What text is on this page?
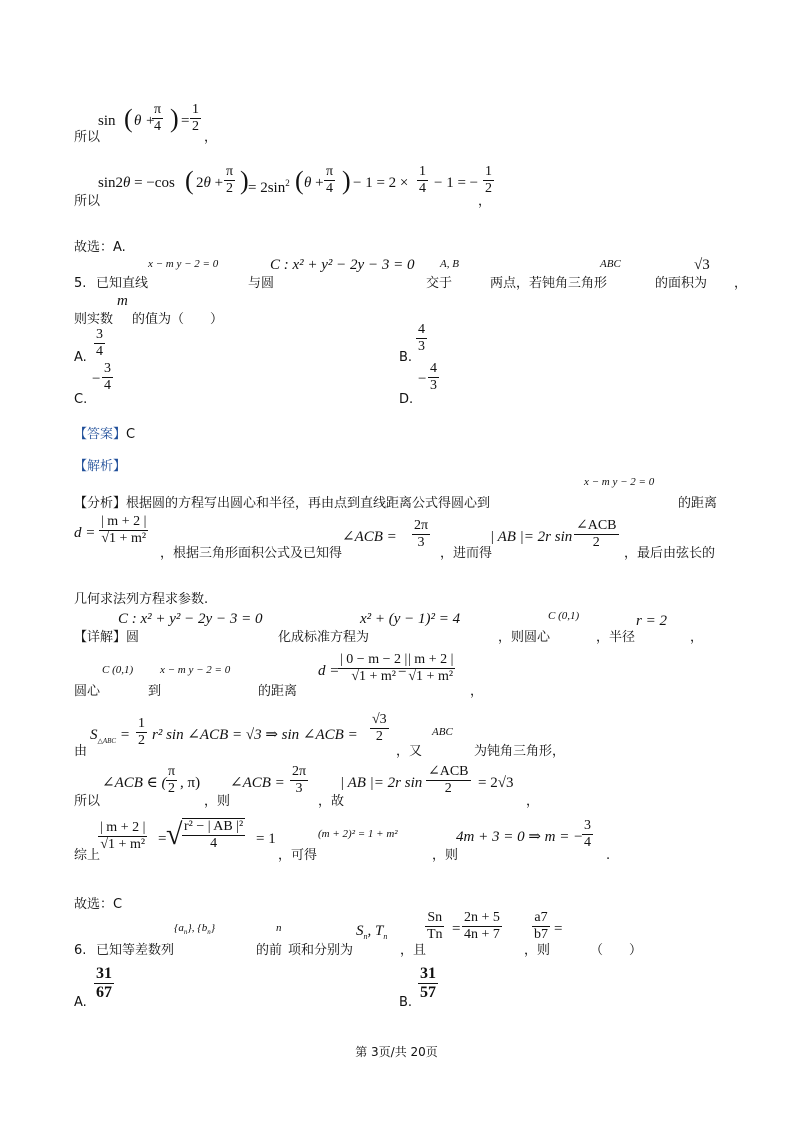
sin ( θ +
$\frac{\pi}{4}$ ) = $\frac{1}{2}$
所以	，
sin2θ = −cos ( $2\theta + \frac{\pi}{2}$ ) = $2\sin^2$ ( $\theta + \frac{\pi}{4}$ ) − $1 = 2 \times \frac{1}{4} - 1$ = − $\frac{1}{2}$
所以	，
故选：A.
x − m y − 2 = 0	C : x² + y² − 2y − 3 = 0 A, B	ABC	√3
5. 已知直线	与圆	交于	两点，若钝角三角形	的面积为 ，
m
则实数 的值为（　　）
A. $\frac{3}{4}$	B.
$\frac{4}{3}$
C.
− $\frac{3}{4}$
D.
− $\frac{4}{3}$
【答案】C
【解析】
x − m y − 2 = 0
【分析】根据圆的方程写出圆心和半径，再由点到直线距离公式得圆心到	的距离
$d = \frac{| m + 2 |}{\text{√1 + m²}}$
，根据三角形面积公式及已知得
∠ACB = $\frac{2\pi}{3}$
，进而得
| AB |= 2r sin
∠ACB
2
，最后由弦长的
几何求法列方程求参数.
C (0,1)
C : x² + y² − 2y − 3 = 0	x² + (y − 1)² = 4	r = 2
【详解】圆	化成标准方程为	，则圆心	，半径	，
C (0,1) x − m y − 2 = 0	d =
$\frac{| 0 - m - 2 |}{\text{√1 + m²}}$
= $\frac{| m + 2 |}{\text{√1 + m²}}$
圆心	到	的距离	，
ABC
$S_{\triangle ABC} = \frac{1}{2} r^2$ sin ∠ACB = √3 ⇒ sin ∠ACB = $\frac{√3}{2}$
由	，又	为钝角三角形，
∠ACB ∈ ( $\frac{\pi}{2}$ , π) ∠ACB = $\frac{2\pi}{3}$ | AB |= 2r sin
∠ACB
2 = 2√3
所以	，则	，故	，
$\frac{| m + 2 |}{\text{√1 + m²}}$ = √ $\frac{\text{r² − | AB |²}}{4} = 1$	(m + 2)² = 1 + m²	4m + 3 = 0 ⇒ m = −
$\frac{3}{4}$
综上	，可得	，则	.
故选：C
$\{a_n\}$, $\{b_n\}$	n	$S_n$, $T_n$	$\frac{Sn}{Tn} = \frac{2n + 5}{4n + 7} \frac{a7}{b7}$ =
6. 已知等差数列	的前 项和分别为	，且	，则	（　　）
A.
$\frac{31}{67}$
B.
$\frac{31}{57}$
第 3页/共 20页
